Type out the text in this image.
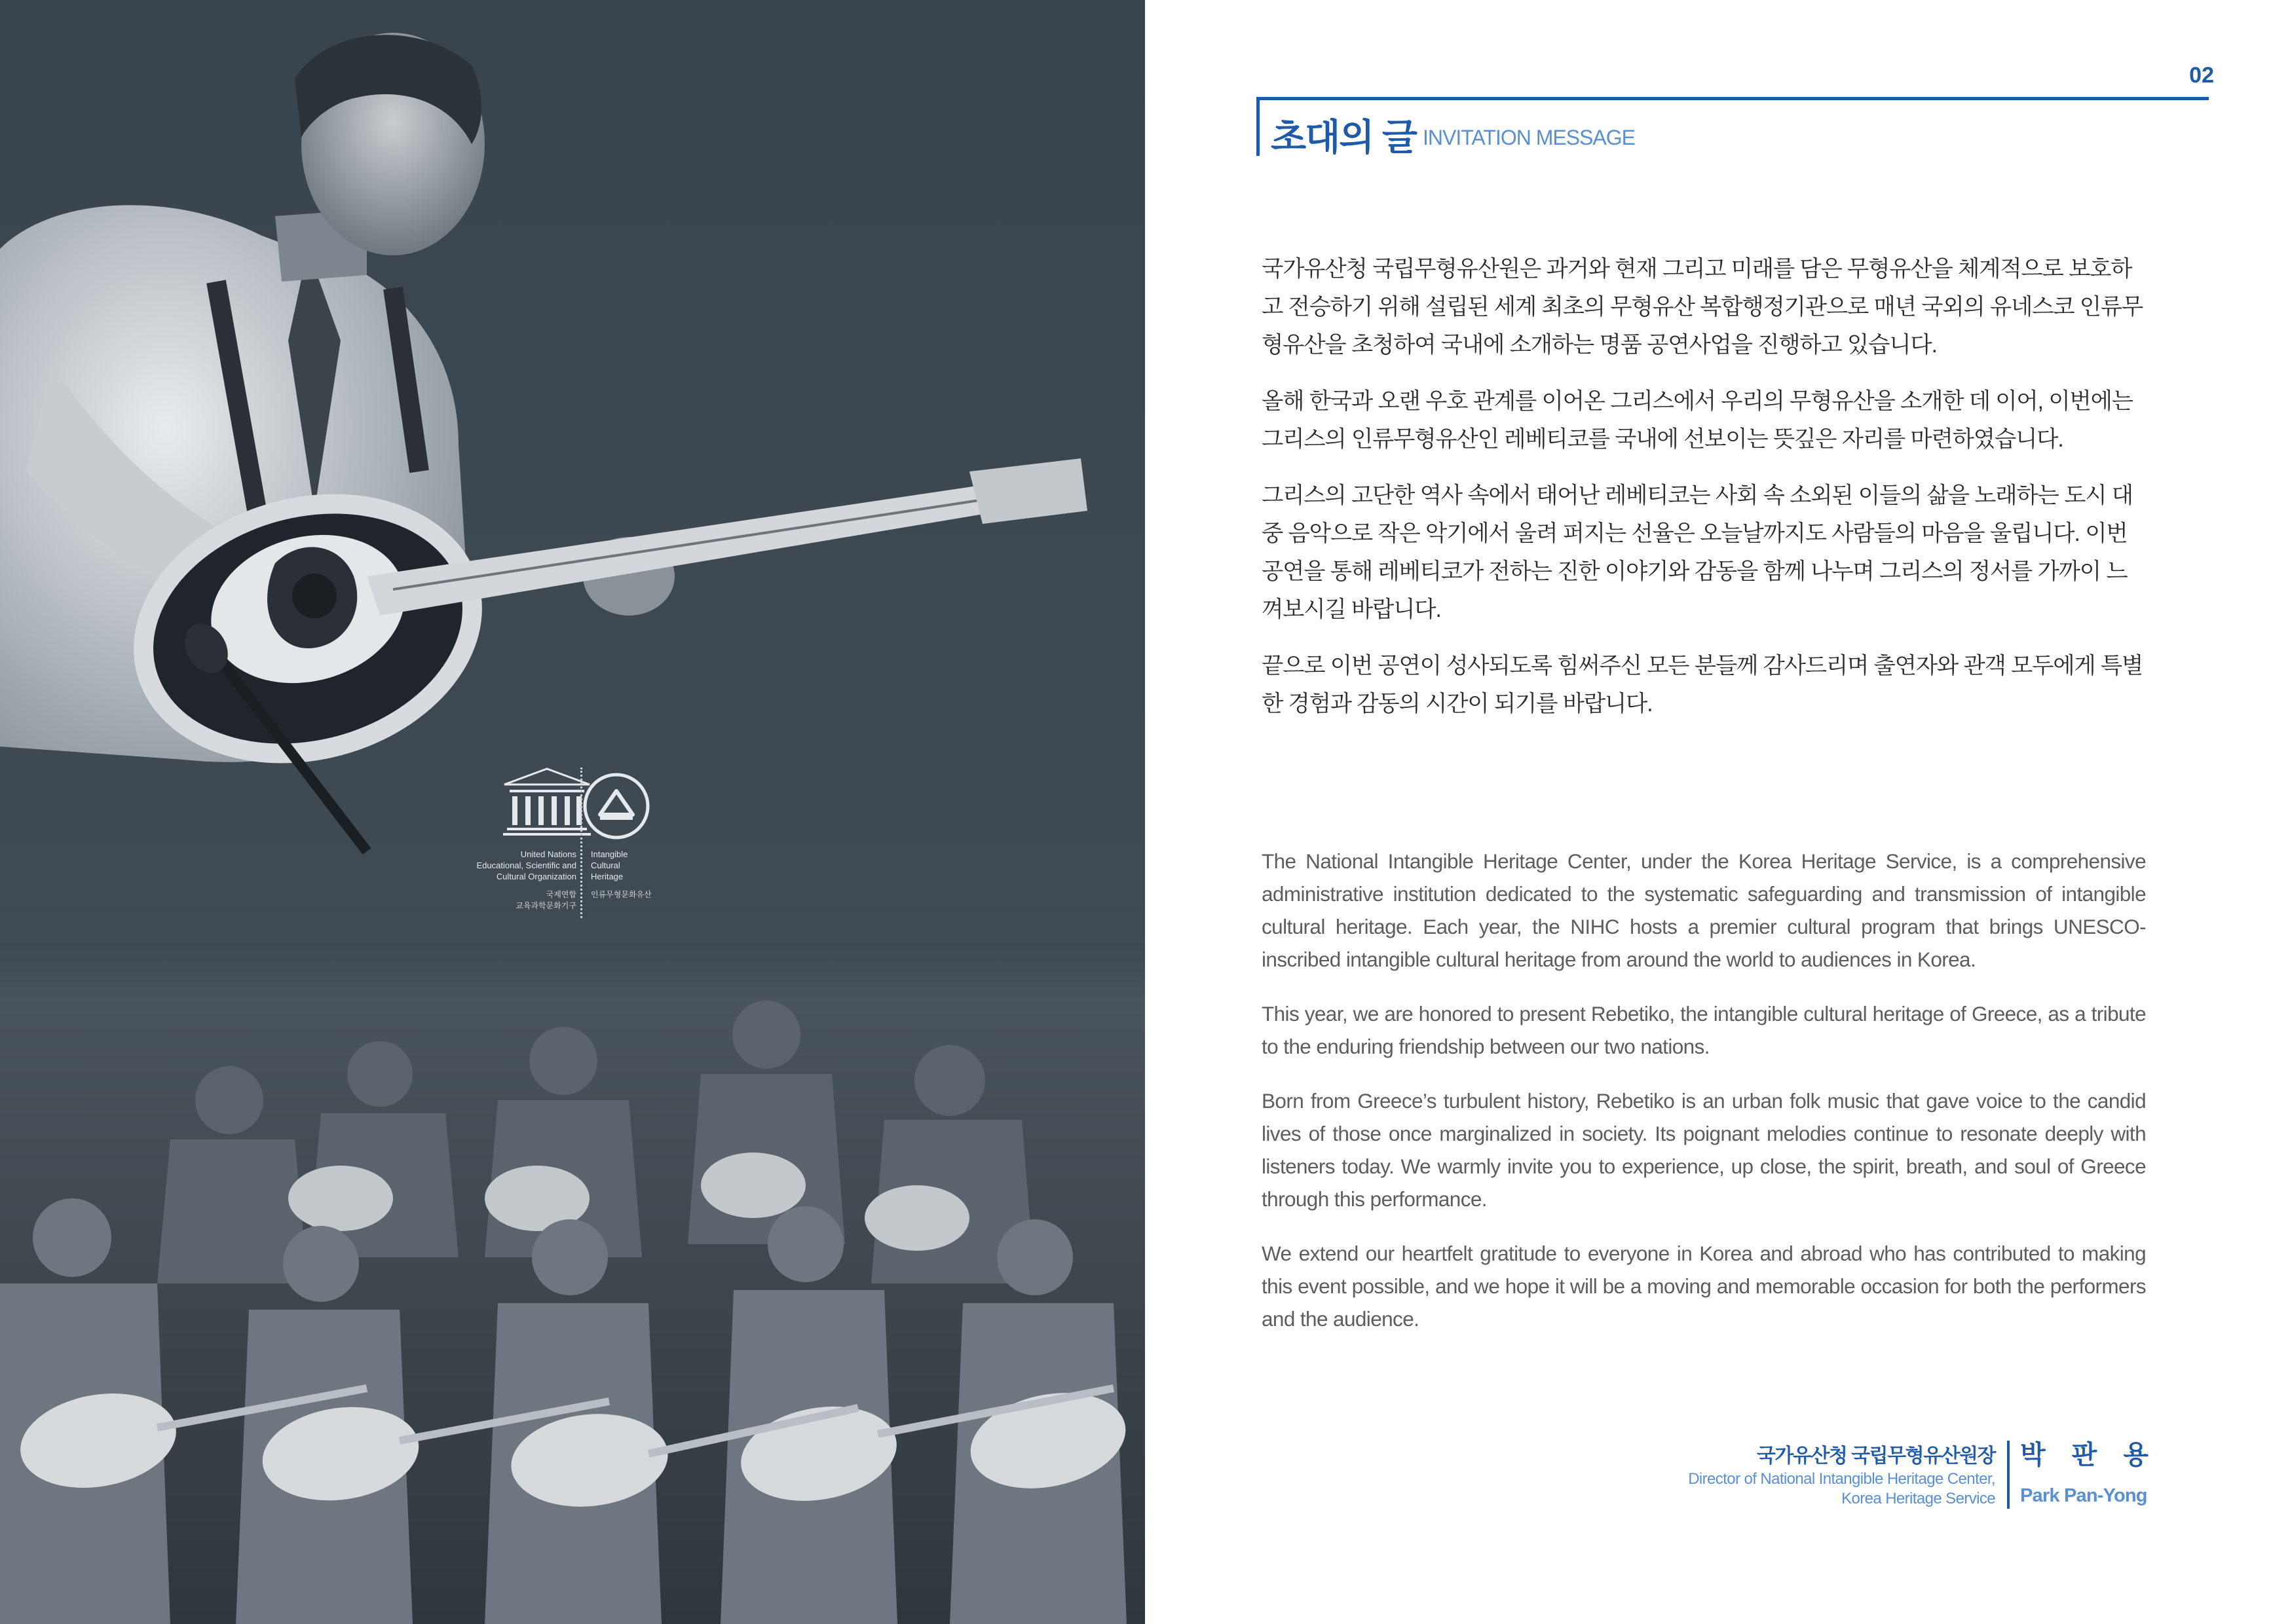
United Nations
Educational, Scientific and
Cultural Organization
국제연합
교육과학문화기구
Intangible
Cultural
Heritage
인류무형문화유산
02
초대의 글 INVITATION MESSAGE

국가유산청 국립무형유산원은 과거와 현재 그리고 미래를 담은 무형유산을 체계적으로 보호하고 전승하기 위해 설립된 세계 최초의 무형유산 복합행정기관으로 매년 국외의 유네스코 인류무형유산을 초청하여 국내에 소개하는 명품 공연사업을 진행하고 있습니다.

올해 한국과 오랜 우호 관계를 이어온 그리스에서 우리의 무형유산을 소개한 데 이어, 이번에는 그리스의 인류무형유산인 레베티코를 국내에 선보이는 뜻깊은 자리를 마련하였습니다.

그리스의 고단한 역사 속에서 태어난 레베티코는 사회 속 소외된 이들의 삶을 노래하는 도시 대중 음악으로 작은 악기에서 울려 퍼지는 선율은 오늘날까지도 사람들의 마음을 울립니다. 이번 공연을 통해 레베티코가 전하는 진한 이야기와 감동을 함께 나누며 그리스의 정서를 가까이 느껴보시길 바랍니다.

끝으로 이번 공연이 성사되도록 힘써주신 모든 분들께 감사드리며 출연자와 관객 모두에게 특별한 경험과 감동의 시간이 되기를 바랍니다.

The National Intangible Heritage Center, under the Korea Heritage Service, is a comprehensive administrative institution dedicated to the systematic safeguarding and transmission of intangible cultural heritage. Each year, the NIHC hosts a premier cultural program that brings UNESCO-inscribed intangible cultural heritage from around the world to audiences in Korea.

This year, we are honored to present Rebetiko, the intangible cultural heritage of Greece, as a tribute to the enduring friendship between our two nations.

Born from Greece’s turbulent history, Rebetiko is an urban folk music that gave voice to the candid lives of those once marginalized in society. Its poignant melodies continue to resonate deeply with listeners today. We warmly invite you to experience, up close, the spirit, breath, and soul of Greece through this performance.

We extend our heartfelt gratitude to everyone in Korea and abroad who has contributed to making this event possible, and we hope it will be a moving and memorable occasion for both the performers and the audience.

국가유산청 국립무형유산원장
Director of National Intangible Heritage Center,
Korea Heritage Service
박 판 용
Park Pan-Yong
